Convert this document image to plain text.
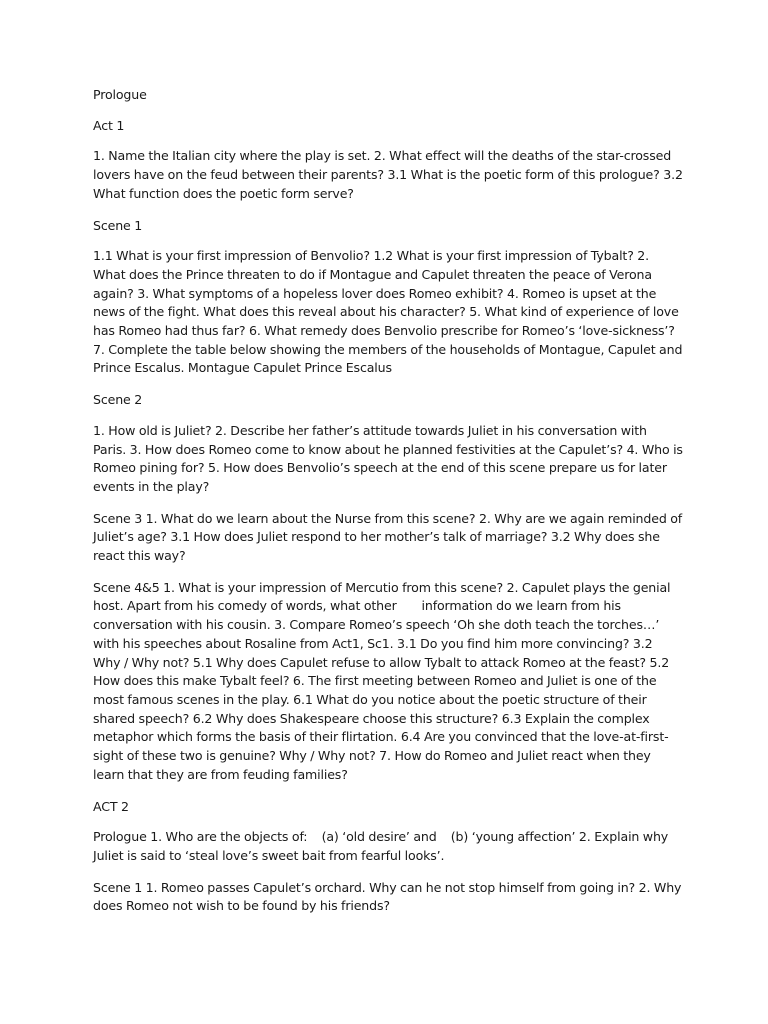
Prologue

Act 1

1. Name the Italian city where the play is set. 2. What effect will the deaths of the star-crossed lovers have on the feud between their parents? 3.1 What is the poetic form of this prologue? 3.2 What function does the poetic form serve?

Scene 1

1.1 What is your first impression of Benvolio? 1.2 What is your first impression of Tybalt? 2. What does the Prince threaten to do if Montague and Capulet threaten the peace of Verona again? 3. What symptoms of a hopeless lover does Romeo exhibit? 4. Romeo is upset at the news of the fight. What does this reveal about his character? 5. What kind of experience of love has Romeo had thus far? 6. What remedy does Benvolio prescribe for Romeo’s ‘love-sickness’? 7. Complete the table below showing the members of the households of Montague, Capulet and Prince Escalus. Montague Capulet Prince Escalus

Scene 2

1. How old is Juliet? 2. Describe her father’s attitude towards Juliet in his conversation with Paris. 3. How does Romeo come to know about he planned festivities at the Capulet’s? 4. Who is Romeo pining for? 5. How does Benvolio’s speech at the end of this scene prepare us for later events in the play?

Scene 3 1. What do we learn about the Nurse from this scene? 2. Why are we again reminded of Juliet’s age? 3.1 How does Juliet respond to her mother’s talk of marriage? 3.2 Why does she react this way?

Scene 4&5 1. What is your impression of Mercutio from this scene? 2. Capulet plays the genial host. Apart from his comedy of words, what other       information do we learn from his conversation with his cousin. 3. Compare Romeo’s speech ‘Oh she doth teach the torches…’ with his speeches about Rosaline from Act1, Sc1. 3.1 Do you find him more convincing? 3.2 Why / Why not? 5.1 Why does Capulet refuse to allow Tybalt to attack Romeo at the feast? 5.2 How does this make Tybalt feel? 6. The first meeting between Romeo and Juliet is one of the most famous scenes in the play. 6.1 What do you notice about the poetic structure of their shared speech? 6.2 Why does Shakespeare choose this structure? 6.3 Explain the complex metaphor which forms the basis of their flirtation. 6.4 Are you convinced that the love-at-first-sight of these two is genuine? Why / Why not? 7. How do Romeo and Juliet react when they learn that they are from feuding families?

ACT 2

Prologue 1. Who are the objects of:    (a) ‘old desire’ and    (b) ‘young affection’ 2. Explain why Juliet is said to ‘steal love’s sweet bait from fearful looks’.

Scene 1 1. Romeo passes Capulet’s orchard. Why can he not stop himself from going in? 2. Why does Romeo not wish to be found by his friends?
